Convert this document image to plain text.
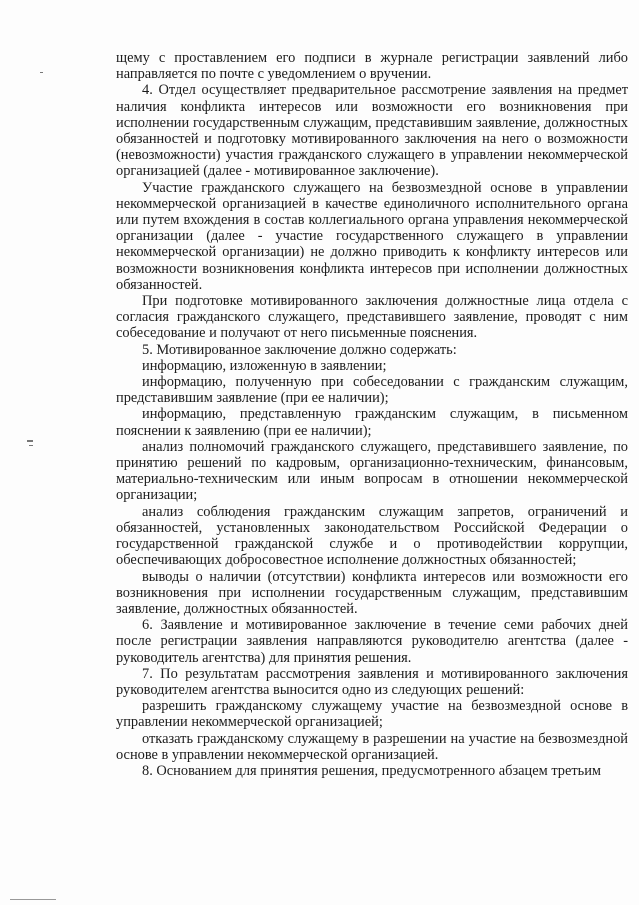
щему с проставлением его подписи в журнале регистрации заявлений либо направляется по почте с уведомлением о вручении.

4. Отдел осуществляет предварительное рассмотрение заявления на предмет наличия конфликта интересов или возможности его возникновения при исполнении государственным служащим, представившим заявление, должностных обязанностей и подготовку мотивированного заключения на него о возможности (невозможности) участия гражданского служащего в управлении некоммерческой организацией (далее - мотивированное заключение).

Участие гражданского служащего на безвозмездной основе в управлении некоммерческой организацией в качестве единоличного исполнительного органа или путем вхождения в состав коллегиального органа управления некоммерческой организации (далее - участие государственного служащего в управлении некоммерческой организации) не должно приводить к конфликту интересов или возможности возникновения конфликта интересов при исполнении должностных обязанностей.

При подготовке мотивированного заключения должностные лица отдела с согласия гражданского служащего, представившего заявление, проводят с ним собеседование и получают от него письменные пояснения.

5. Мотивированное заключение должно содержать:

информацию, изложенную в заявлении;

информацию, полученную при собеседовании с гражданским служащим, представившим заявление (при ее наличии);

информацию, представленную гражданским служащим, в письменном пояснении к заявлению (при ее наличии);

анализ полномочий гражданского служащего, представившего заявление, по принятию решений по кадровым, организационно-техническим, финансовым, материально-техническим или иным вопросам в отношении некоммерческой организации;

анализ соблюдения гражданским служащим запретов, ограничений и обязанностей, установленных законодательством Российской Федерации о государственной гражданской службе и о противодействии коррупции, обеспечивающих добросовестное исполнение должностных обязанностей;

выводы о наличии (отсутствии) конфликта интересов или возможности его возникновения при исполнении государственным служащим, представившим заявление, должностных обязанностей.

6. Заявление и мотивированное заключение в течение семи рабочих дней после регистрации заявления направляются руководителю агентства (далее - руководитель агентства) для принятия решения.

7. По результатам рассмотрения заявления и мотивированного заключения руководителем агентства выносится одно из следующих решений:

разрешить гражданскому служащему участие на безвозмездной основе в управлении некоммерческой организацией;

отказать гражданскому служащему в разрешении на участие на безвозмездной основе в управлении некоммерческой организацией.

8. Основанием для принятия решения, предусмотренного абзацем третьим
